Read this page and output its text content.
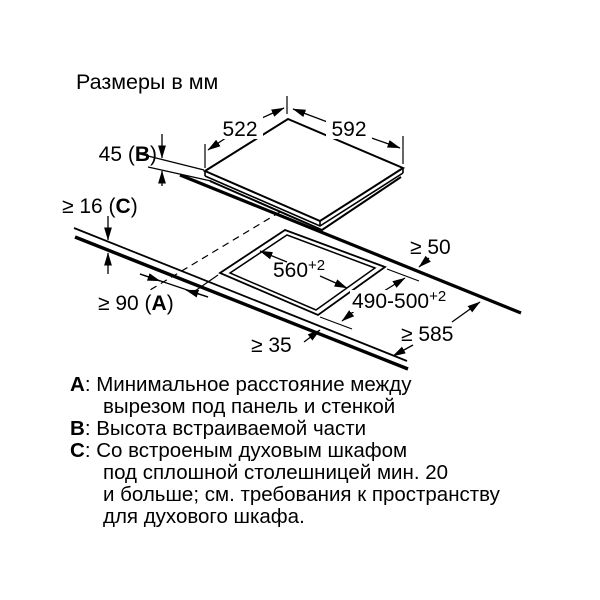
Размеры в мм
522	592
45 (B)
≥ 16 (C)
≥ 50
$560^{+2}$
$490-500^{+2}$
≥ 585
≥ 35
≥ 90 (A)
A: Минимальное расстояние между
вырезом под панель и стенкой
B: Высота встраиваемой части
C: Со встроеным духовым шкафом
под сплошной столешницей мин. 20
и больше; см. требования к пространству
для духового шкафа.
